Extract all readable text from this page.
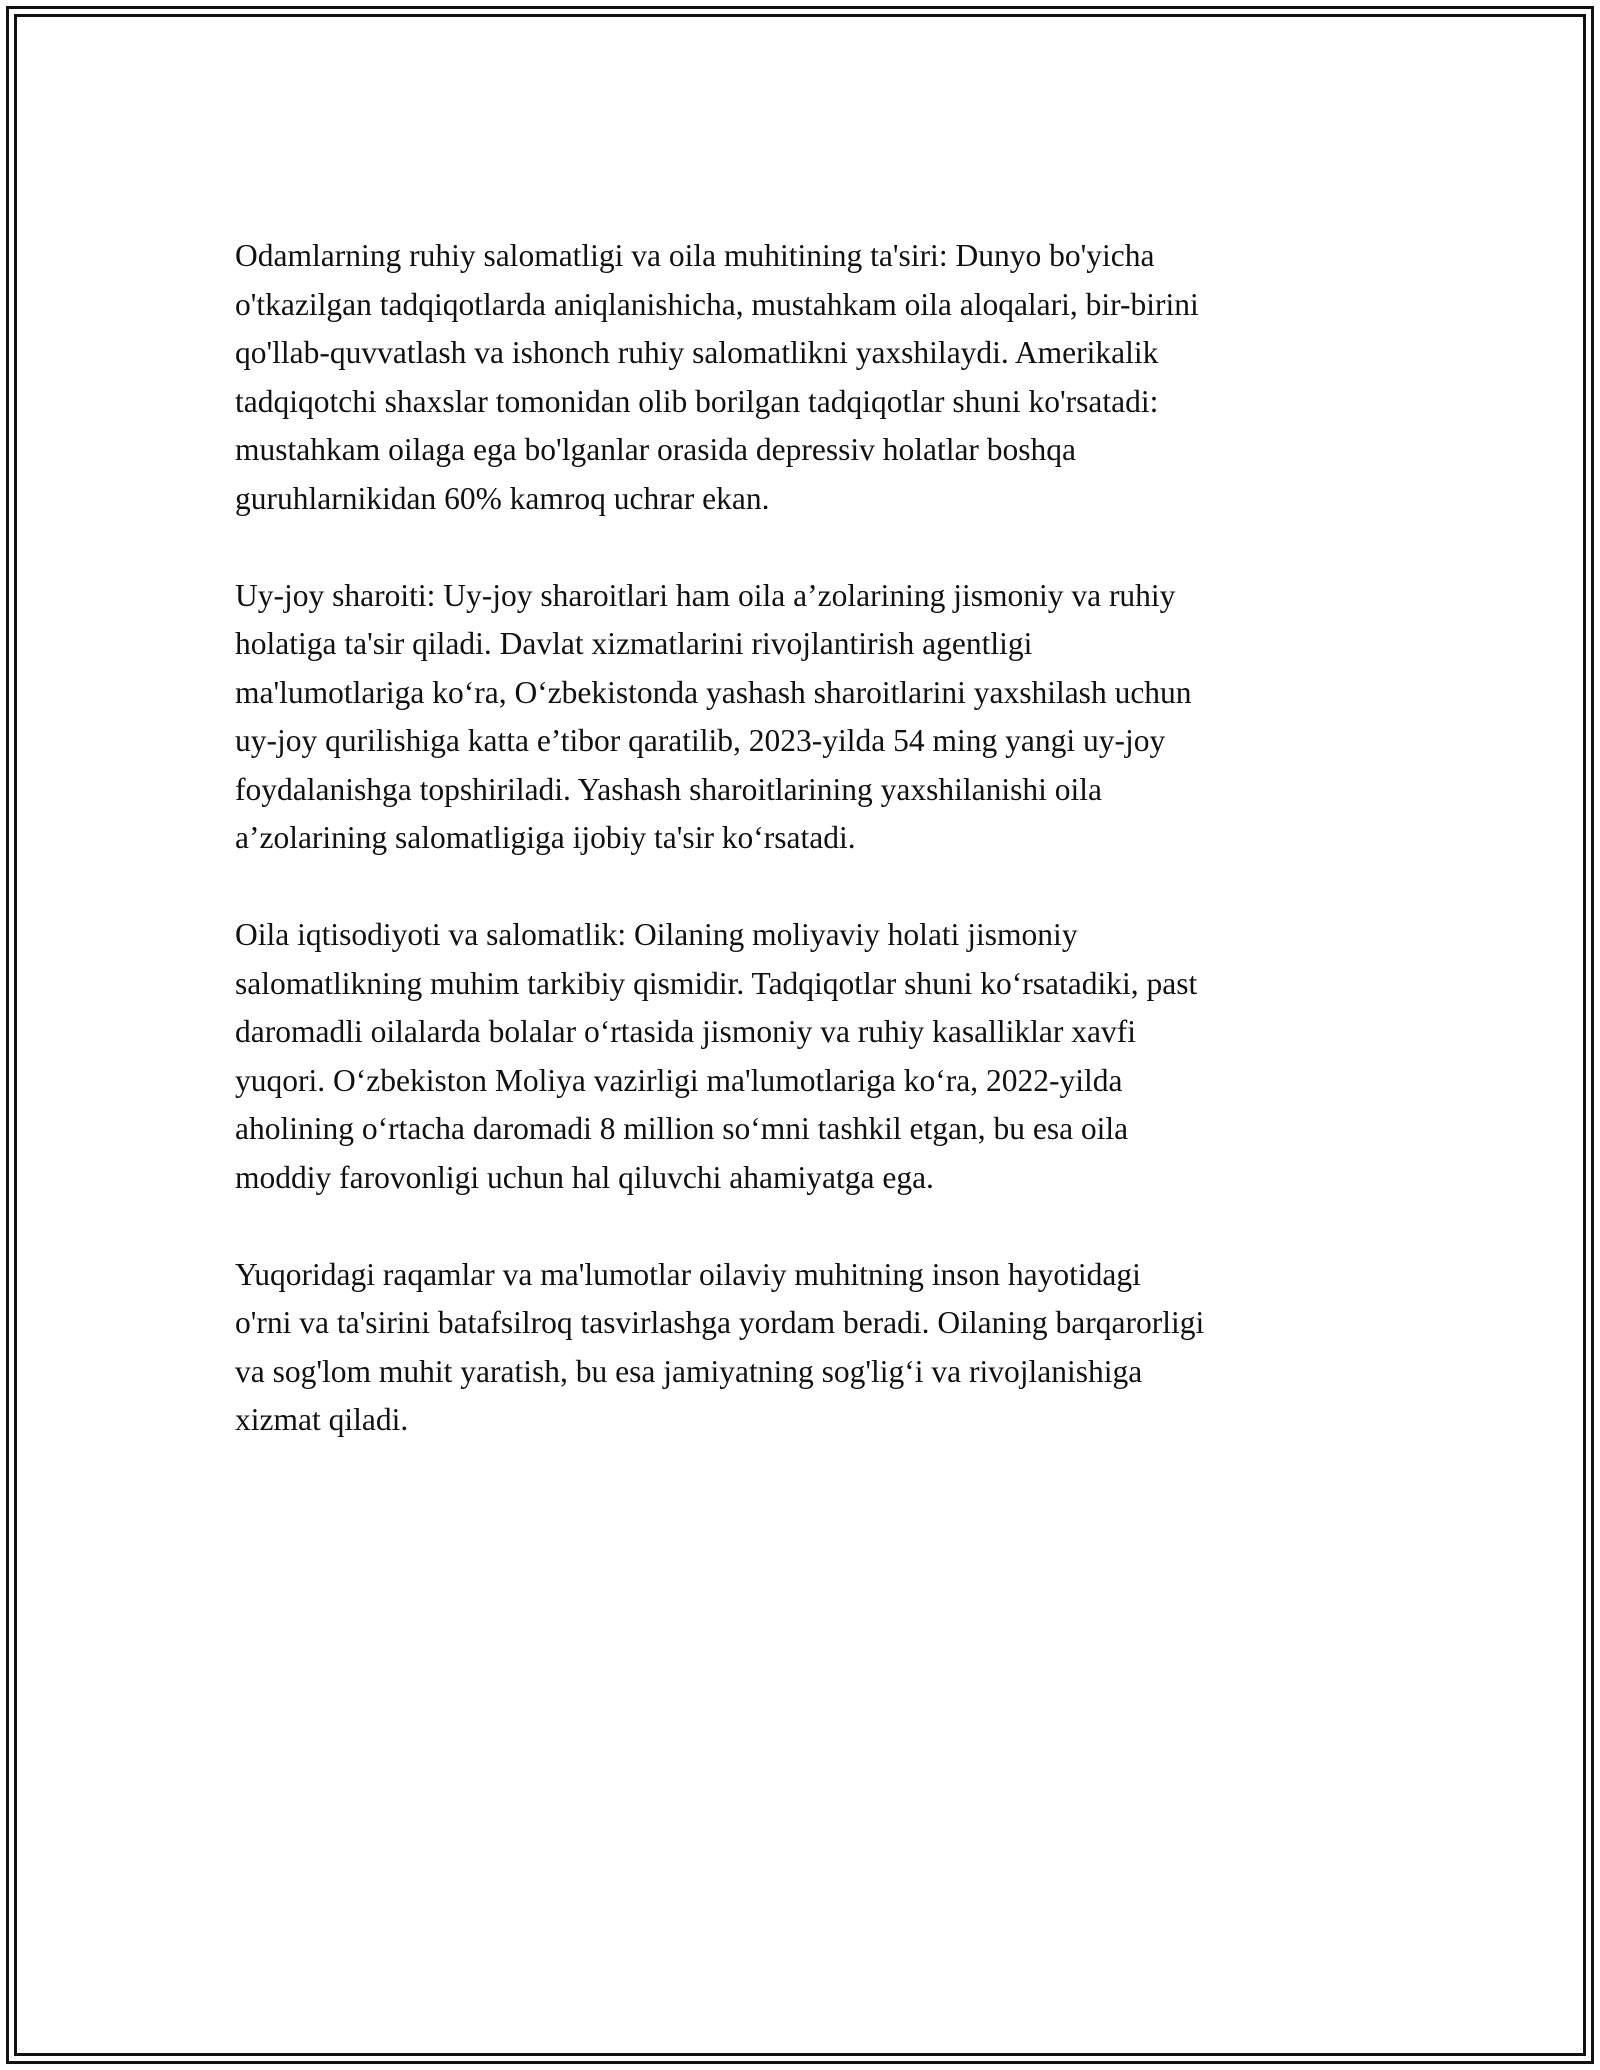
Odamlarning ruhiy salomatligi va oila muhitining ta'siri: Dunyo bo'yicha
o'tkazilgan tadqiqotlarda aniqlanishicha, mustahkam oila aloqalari, bir-birini
qo'llab-quvvatlash va ishonch ruhiy salomatlikni yaxshilaydi. Amerikalik
tadqiqotchi shaxslar tomonidan olib borilgan tadqiqotlar shuni ko'rsatadi:
mustahkam oilaga ega bo'lganlar orasida depressiv holatlar boshqa
guruhlarnikidan 60% kamroq uchrar ekan.

Uy-joy sharoiti: Uy-joy sharoitlari ham oila a’zolarining jismoniy va ruhiy
holatiga ta'sir qiladi. Davlat xizmatlarini rivojlantirish agentligi
ma'lumotlariga ko‘ra, O‘zbekistonda yashash sharoitlarini yaxshilash uchun
uy-joy qurilishiga katta e’tibor qaratilib, 2023-yilda 54 ming yangi uy-joy
foydalanishga topshiriladi. Yashash sharoitlarining yaxshilanishi oila
a’zolarining salomatligiga ijobiy ta'sir ko‘rsatadi.

Oila iqtisodiyoti va salomatlik: Oilaning moliyaviy holati jismoniy
salomatlikning muhim tarkibiy qismidir. Tadqiqotlar shuni ko‘rsatadiki, past
daromadli oilalarda bolalar o‘rtasida jismoniy va ruhiy kasalliklar xavfi
yuqori. O‘zbekiston Moliya vazirligi ma'lumotlariga ko‘ra, 2022-yilda
aholining o‘rtacha daromadi 8 million so‘mni tashkil etgan, bu esa oila
moddiy farovonligi uchun hal qiluvchi ahamiyatga ega.

Yuqoridagi raqamlar va ma'lumotlar oilaviy muhitning inson hayotidagi
o'rni va ta'sirini batafsilroq tasvirlashga yordam beradi. Oilaning barqarorligi
va sog'lom muhit yaratish, bu esa jamiyatning sog'lig‘i va rivojlanishiga
xizmat qiladi.
